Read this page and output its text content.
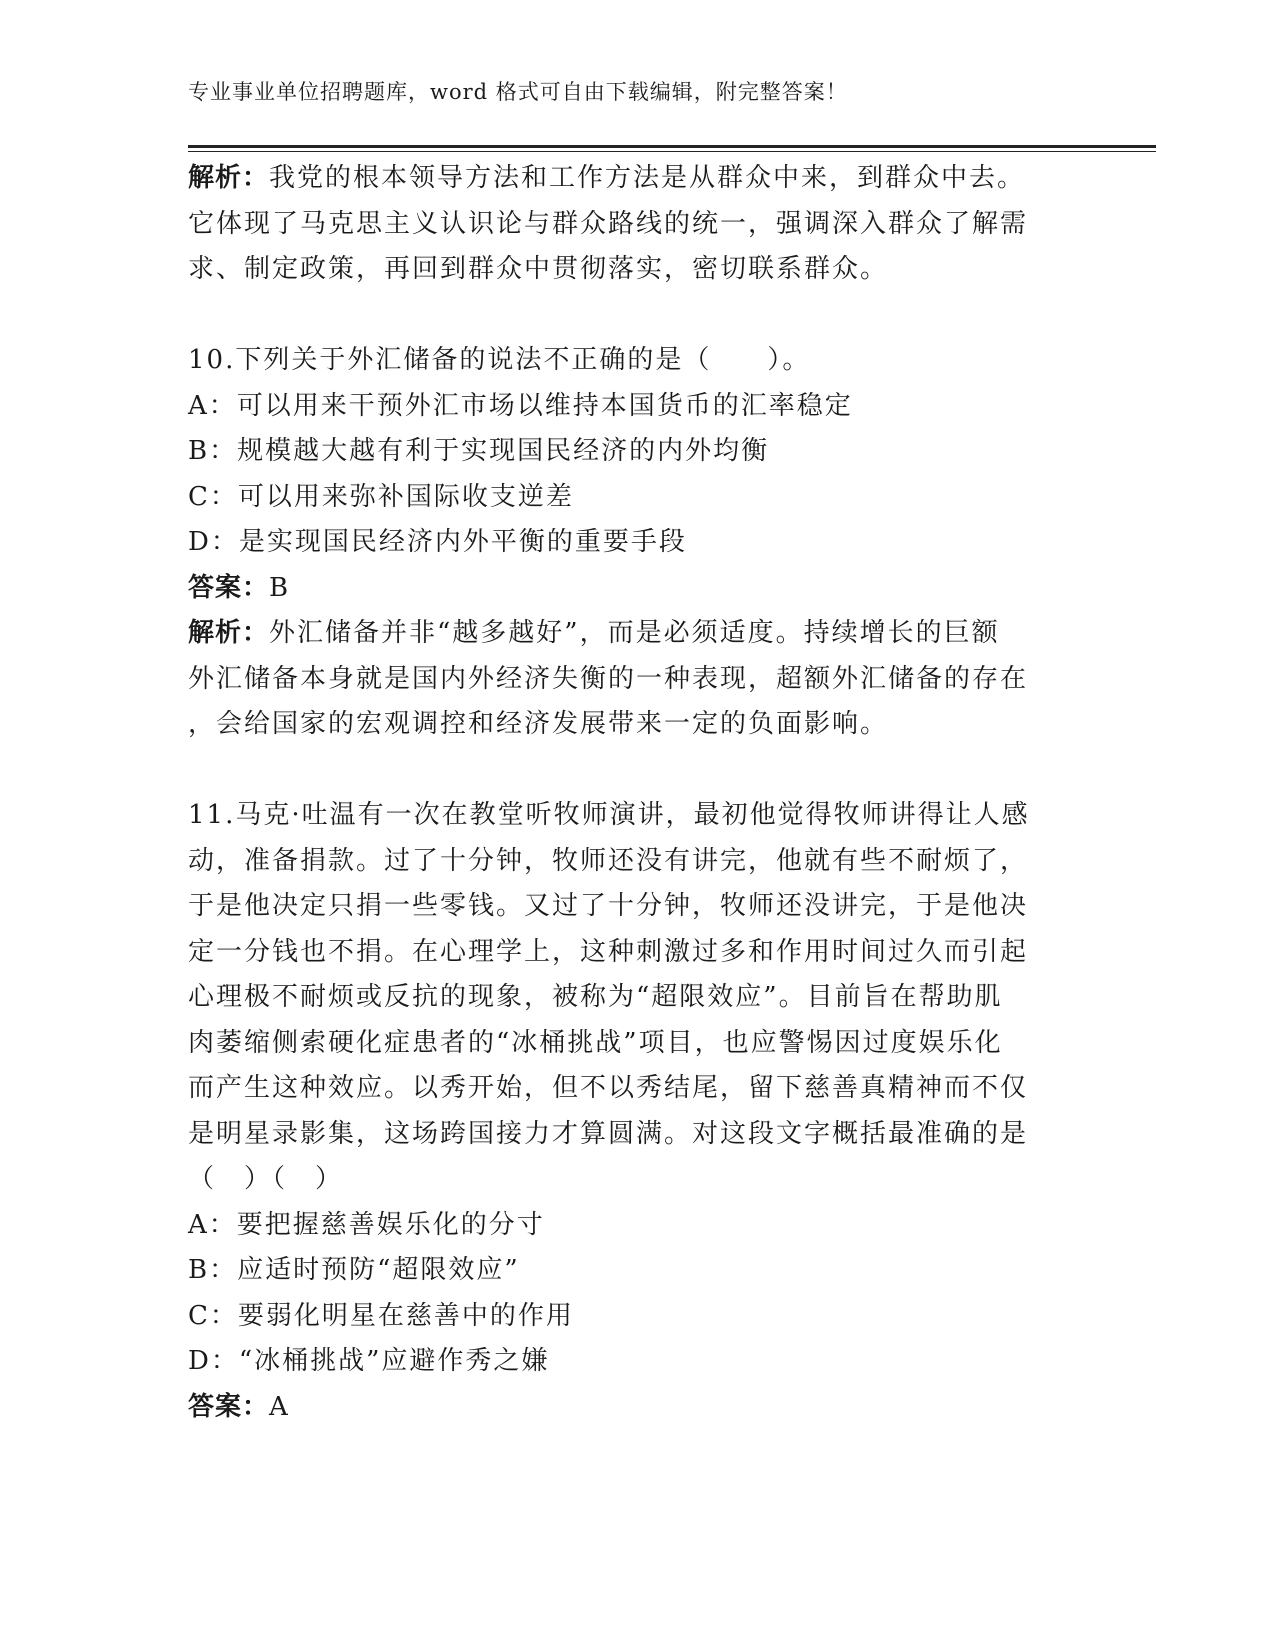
专业事业单位招聘题库，word 格式可自由下载编辑，附完整答案！
解析：我党的根本领导方法和工作方法是从群众中来，到群众中去。
它体现了马克思主义认识论与群众路线的统一，强调深入群众了解需
求、制定政策，再回到群众中贯彻落实，密切联系群众。
10.下列关于外汇储备的说法不正确的是（　　）。
A：可以用来干预外汇市场以维持本国货币的汇率稳定
B：规模越大越有利于实现国民经济的内外均衡
C：可以用来弥补国际收支逆差
D：是实现国民经济内外平衡的重要手段
答案：B
解析：外汇储备并非“越多越好”，而是必须适度。持续增长的巨额
外汇储备本身就是国内外经济失衡的一种表现，超额外汇储备的存在
，会给国家的宏观调控和经济发展带来一定的负面影响。
11.马克·吐温有一次在教堂听牧师演讲，最初他觉得牧师讲得让人感
动，准备捐款。过了十分钟，牧师还没有讲完，他就有些不耐烦了，
于是他决定只捐一些零钱。又过了十分钟，牧师还没讲完，于是他决
定一分钱也不捐。在心理学上，这种刺激过多和作用时间过久而引起
心理极不耐烦或反抗的现象，被称为“超限效应”。目前旨在帮助肌
肉萎缩侧索硬化症患者的“冰桶挑战”项目，也应警惕因过度娱乐化
而产生这种效应。以秀开始，但不以秀结尾，留下慈善真精神而不仅
是明星录影集，这场跨国接力才算圆满。对这段文字概括最准确的是
（　）（　）
A：要把握慈善娱乐化的分寸
B：应适时预防“超限效应”
C：要弱化明星在慈善中的作用
D：“冰桶挑战”应避作秀之嫌
答案：A
